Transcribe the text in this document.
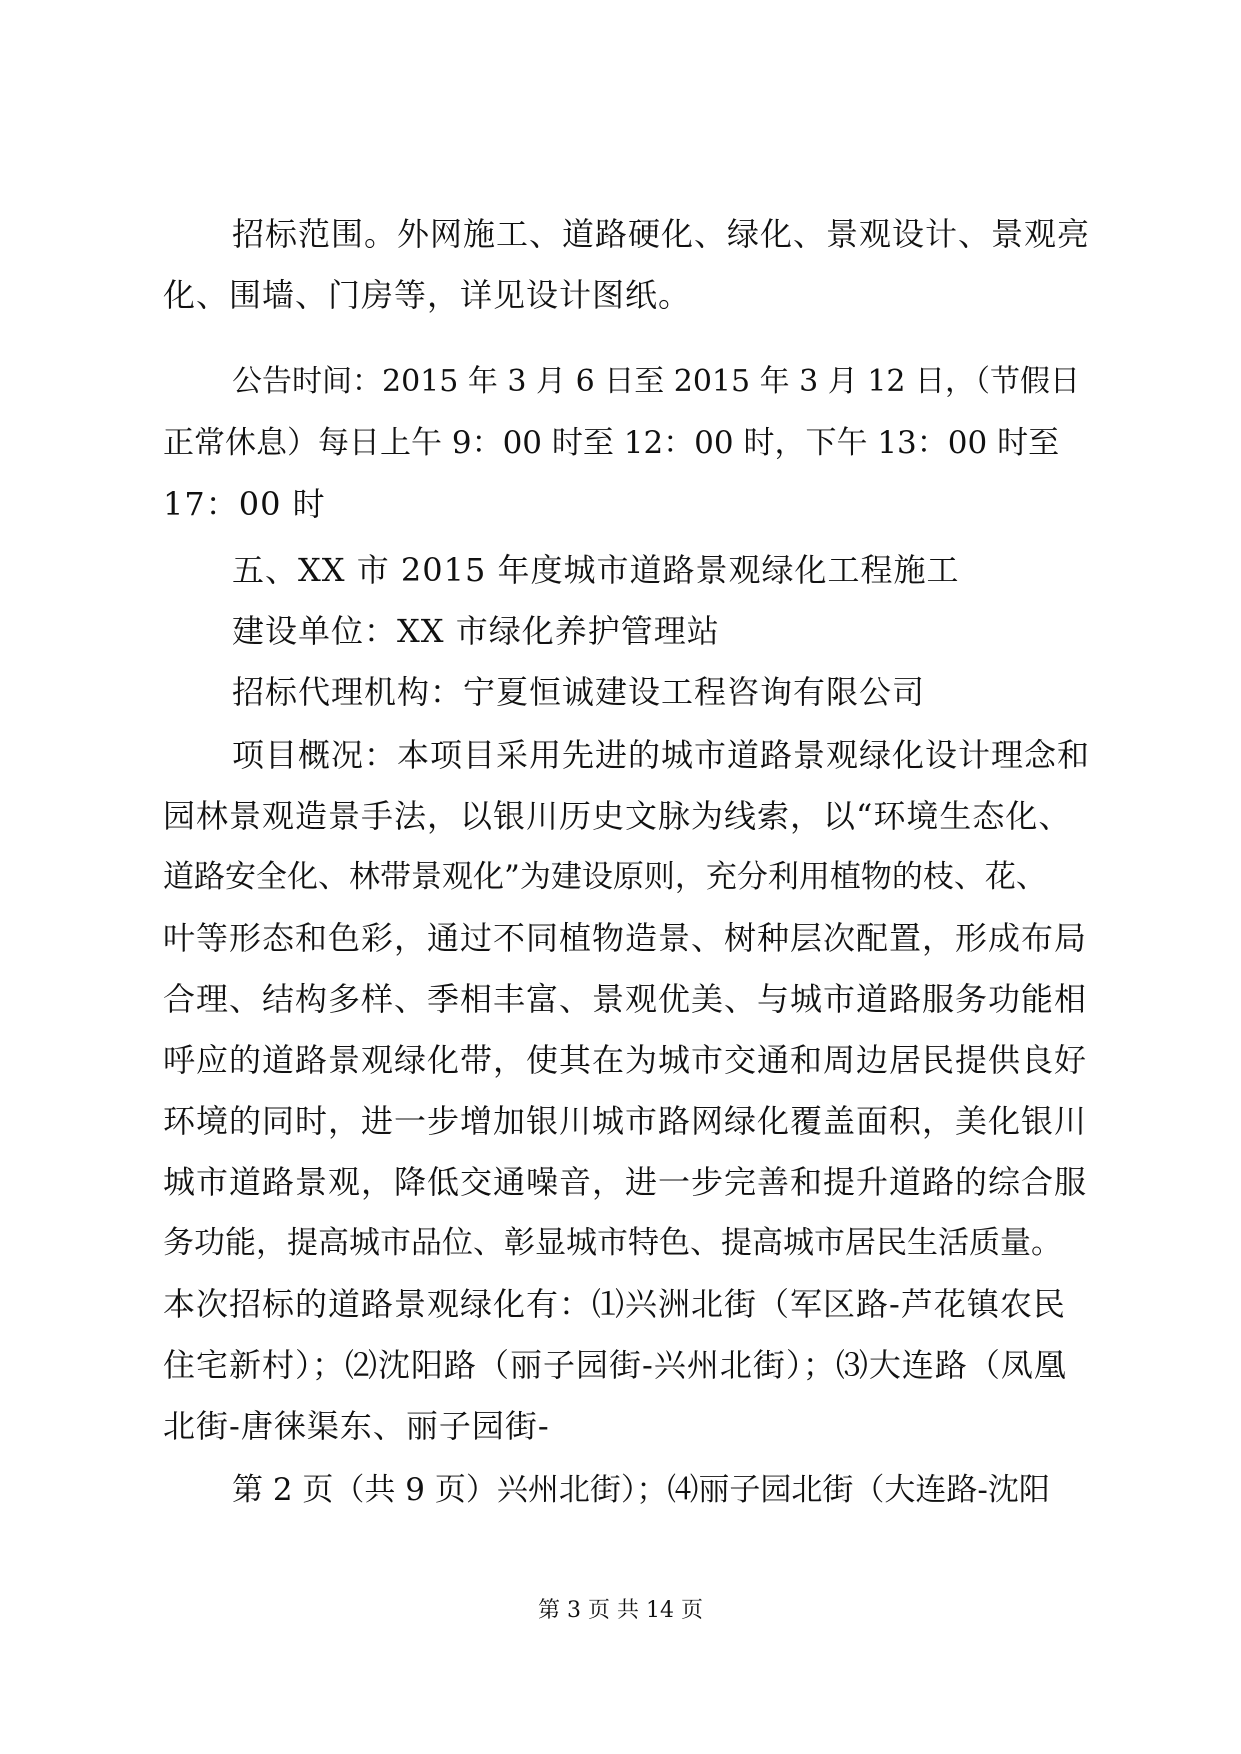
招标范围。外网施工、道路硬化、绿化、景观设计、景观亮
化、围墙、门房等，详见设计图纸。
公告时间：2015 年 3 月 6 日至 2015 年 3 月 12 日，（节假日
正常休息）每日上午 9：00 时至 12：00 时，下午 13：00 时至
17：00 时
五、XX 市 2015 年度城市道路景观绿化工程施工
建设单位：XX 市绿化养护管理站
招标代理机构：宁夏恒诚建设工程咨询有限公司
项目概况：本项目采用先进的城市道路景观绿化设计理念和
园林景观造景手法，以银川历史文脉为线索，以“环境生态化、
道路安全化、林带景观化”为建设原则，充分利用植物的枝、花、
叶等形态和色彩，通过不同植物造景、树种层次配置，形成布局
合理、结构多样、季相丰富、景观优美、与城市道路服务功能相
呼应的道路景观绿化带，使其在为城市交通和周边居民提供良好
环境的同时，进一步增加银川城市路网绿化覆盖面积，美化银川
城市道路景观，降低交通噪音，进一步完善和提升道路的综合服
务功能，提高城市品位、彰显城市特色、提高城市居民生活质量。
本次招标的道路景观绿化有：⑴兴洲北街（军区路-芦花镇农民
住宅新村）；⑵沈阳路（丽子园街-兴州北街）；⑶大连路（凤凰
北街-唐徕渠东、丽子园街-
第 2 页（共 9 页）兴州北街）；⑷丽子园北街（大连路-沈阳
第 3 页 共 14 页
